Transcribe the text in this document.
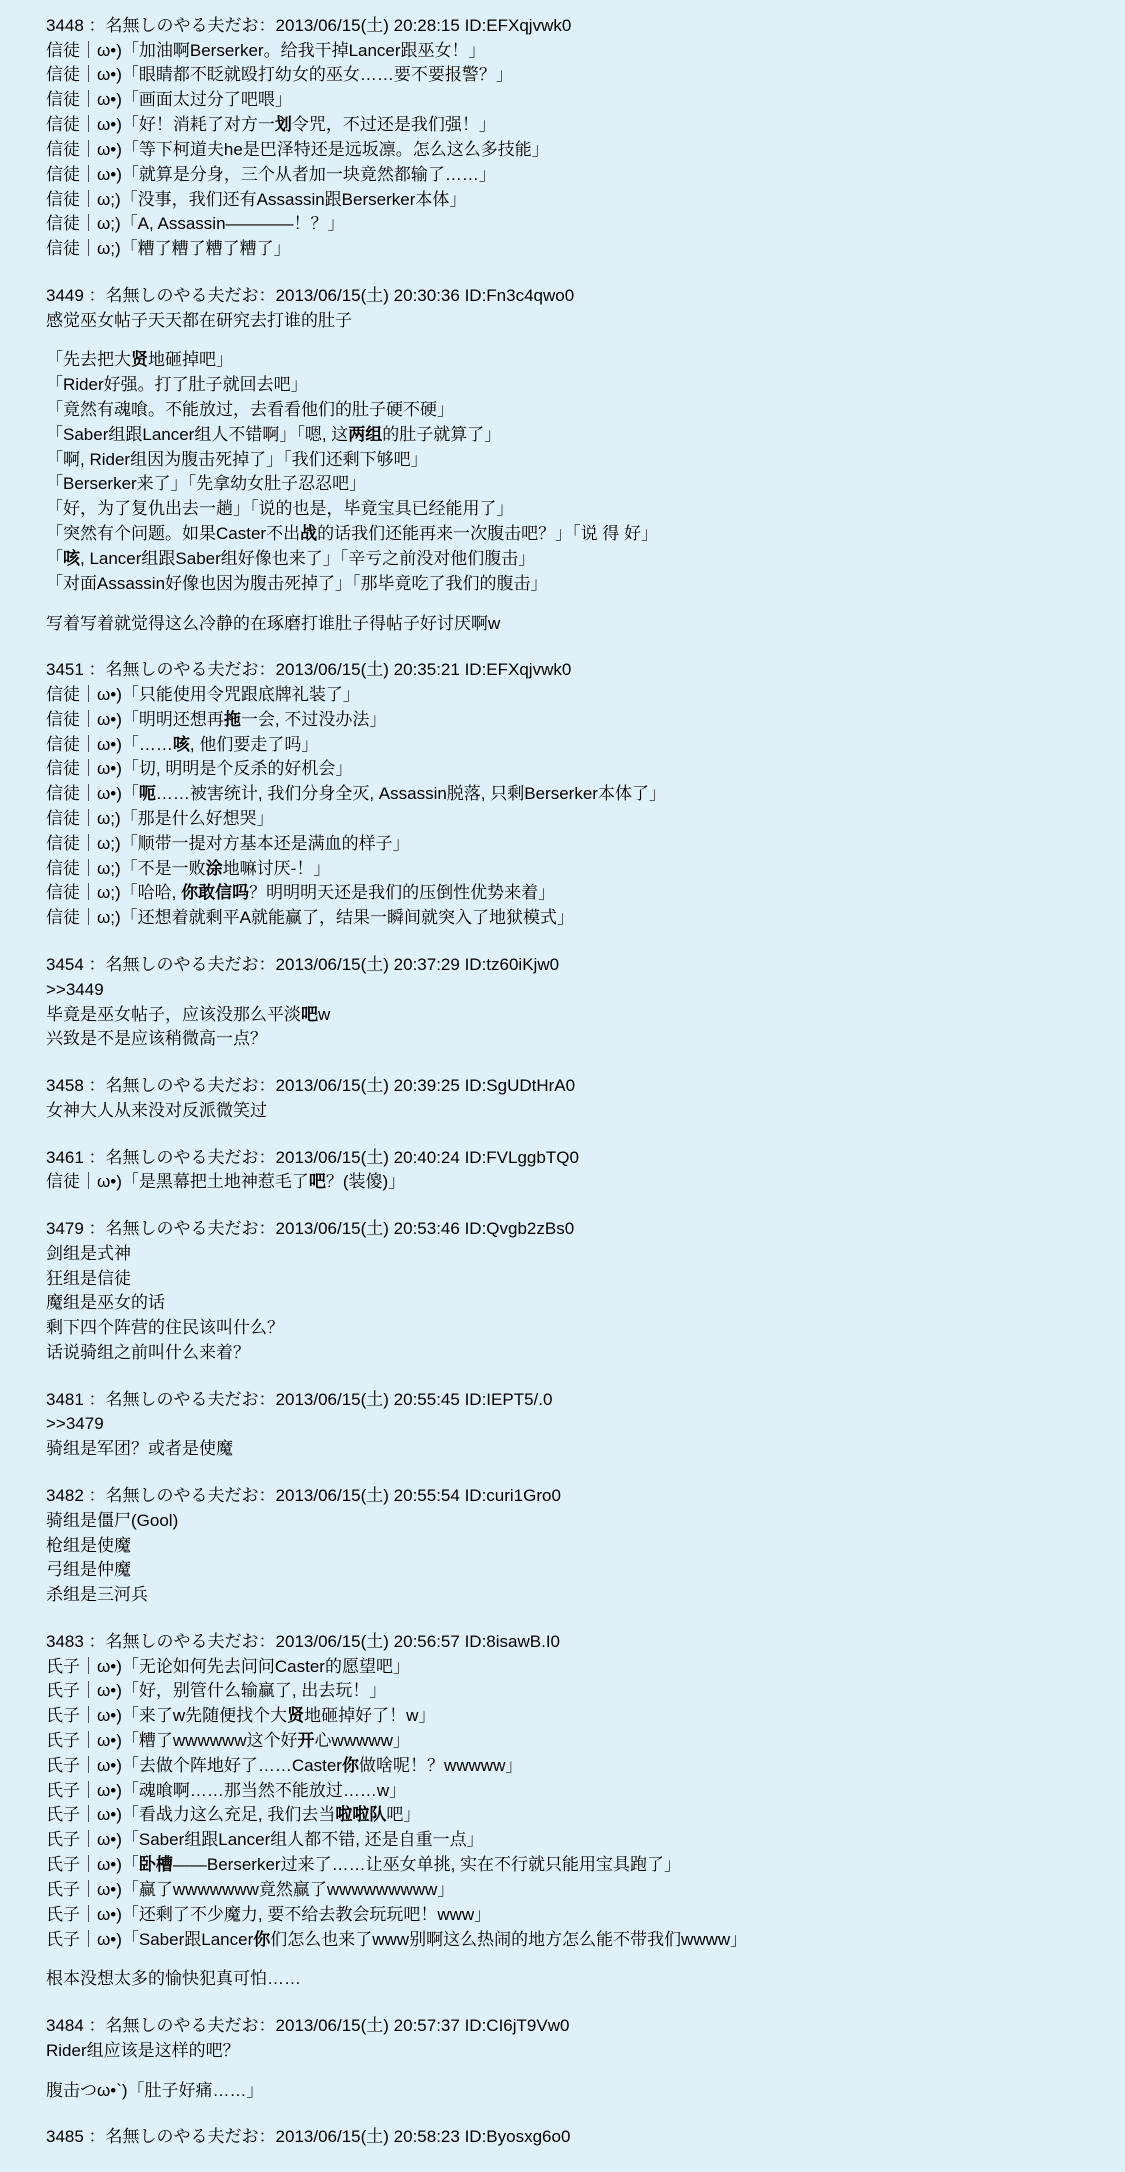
3448 ：名無しのやる夫だお：2013/06/15(土) 20:28:15 ID:EFXqjvwk0
信徒｜ω•)「加油啊Berserker。给我干掉Lancer跟巫女！」
信徒｜ω•)「眼睛都不眨就殴打幼女的巫女……要不要报警？」
信徒｜ω•)「画面太过分了吧喂」
信徒｜ω•)「好！消耗了对方一划令咒，不过还是我们强！」
信徒｜ω•)「等下柯道夫he是巴泽特还是远坂凛。怎么这么多技能」
信徒｜ω•)「就算是分身，三个从者加一块竟然都输了……」
信徒｜ω;)「没事，我们还有Assassin跟Berserker本体」
信徒｜ω;)「A, Assassin————！？」
信徒｜ω;)「糟了糟了糟了糟了」
3449 ：名無しのやる夫だお：2013/06/15(土) 20:30:36 ID:Fn3c4qwo0
感觉巫女帖子天天都在研究去打谁的肚子
「先去把大贤地砸掉吧」
「Rider好强。打了肚子就回去吧」
「竟然有魂喰。不能放过，去看看他们的肚子硬不硬」
「Saber组跟Lancer组人不错啊」「嗯, 这两组的肚子就算了」
「啊, Rider组因为腹击死掉了」「我们还剩下够吧」
「Berserker来了」「先拿幼女肚子忍忍吧」
「好，为了复仇出去一趟」「说的也是，毕竟宝具已经能用了」
「突然有个问题。如果Caster不出战的话我们还能再来一次腹击吧？」「说 得 好」
「咳, Lancer组跟Saber组好像也来了」「辛亏之前没对他们腹击」
「对面Assassin好像也因为腹击死掉了」「那毕竟吃了我们的腹击」
写着写着就觉得这么冷静的在琢磨打谁肚子得帖子好讨厌啊w
3451 ：名無しのやる夫だお：2013/06/15(土) 20:35:21 ID:EFXqjvwk0
信徒｜ω•)「只能使用令咒跟底牌礼装了」
信徒｜ω•)「明明还想再拖一会, 不过没办法」
信徒｜ω•)「……咳, 他们要走了吗」
信徒｜ω•)「切, 明明是个反杀的好机会」
信徒｜ω•)「呃……被害统计, 我们分身全灭, Assassin脱落, 只剩Berserker本体了」
信徒｜ω;)「那是什么好想哭」
信徒｜ω;)「顺带一提对方基本还是满血的样子」
信徒｜ω;)「不是一败涂地嘛讨厌-！」
信徒｜ω;)「哈哈, 你敢信吗？明明明天还是我们的压倒性优势来着」
信徒｜ω;)「还想着就剩平A就能赢了，结果一瞬间就突入了地狱模式」
3454 ：名無しのやる夫だお：2013/06/15(土) 20:37:29 ID:tz60iKjw0
>>3449
毕竟是巫女帖子，应该没那么平淡吧w
兴致是不是应该稍微高一点？
3458 ：名無しのやる夫だお：2013/06/15(土) 20:39:25 ID:SgUDtHrA0
女神大人从来没对反派微笑过
3461 ：名無しのやる夫だお：2013/06/15(土) 20:40:24 ID:FVLggbTQ0
信徒｜ω•)「是黑幕把土地神惹毛了吧？(装傻)」
3479 ：名無しのやる夫だお：2013/06/15(土) 20:53:46 ID:Qvgb2zBs0
剑组是式神
狂组是信徒
魔组是巫女的话
剩下四个阵营的住民该叫什么？
话说骑组之前叫什么来着？
3481 ：名無しのやる夫だお：2013/06/15(土) 20:55:45 ID:IEPT5/.0
>>3479
骑组是军团？或者是使魔
3482 ：名無しのやる夫だお：2013/06/15(土) 20:55:54 ID:curi1Gro0
骑组是僵尸(Gool)
枪组是使魔
弓组是仲魔
杀组是三河兵
3483 ：名無しのやる夫だお：2013/06/15(土) 20:56:57 ID:8isawB.I0
氏子｜ω•)「无论如何先去问问Caster的愿望吧」
氏子｜ω•)「好，别管什么输赢了, 出去玩！」
氏子｜ω•)「来了w先随便找个大贤地砸掉好了！w」
氏子｜ω•)「糟了wwwwww这个好开心wwwww」
氏子｜ω•)「去做个阵地好了……Caster你做啥呢！？wwwww」
氏子｜ω•)「魂喰啊……那当然不能放过……w」
氏子｜ω•)「看战力这么充足, 我们去当啦啦队吧」
氏子｜ω•)「Saber组跟Lancer组人都不错, 还是自重一点」
氏子｜ω•)「卧槽——Berserker过来了……让巫女单挑, 实在不行就只能用宝具跑了」
氏子｜ω•)「赢了wwwwwww竟然赢了wwwwwwwww」
氏子｜ω•)「还剩了不少魔力, 要不给去教会玩玩吧！www」
氏子｜ω•)「Saber跟Lancer你们怎么也来了www别啊这么热闹的地方怎么能不带我们wwww」
根本没想太多的愉快犯真可怕……
3484 ：名無しのやる夫だお：2013/06/15(土) 20:57:37 ID:CI6jT9Vw0
Rider组应该是这样的吧？
腹击つω•`)「肚子好痛……」
3485 ：名無しのやる夫だお：2013/06/15(土) 20:58:23 ID:Byosxg6o0
